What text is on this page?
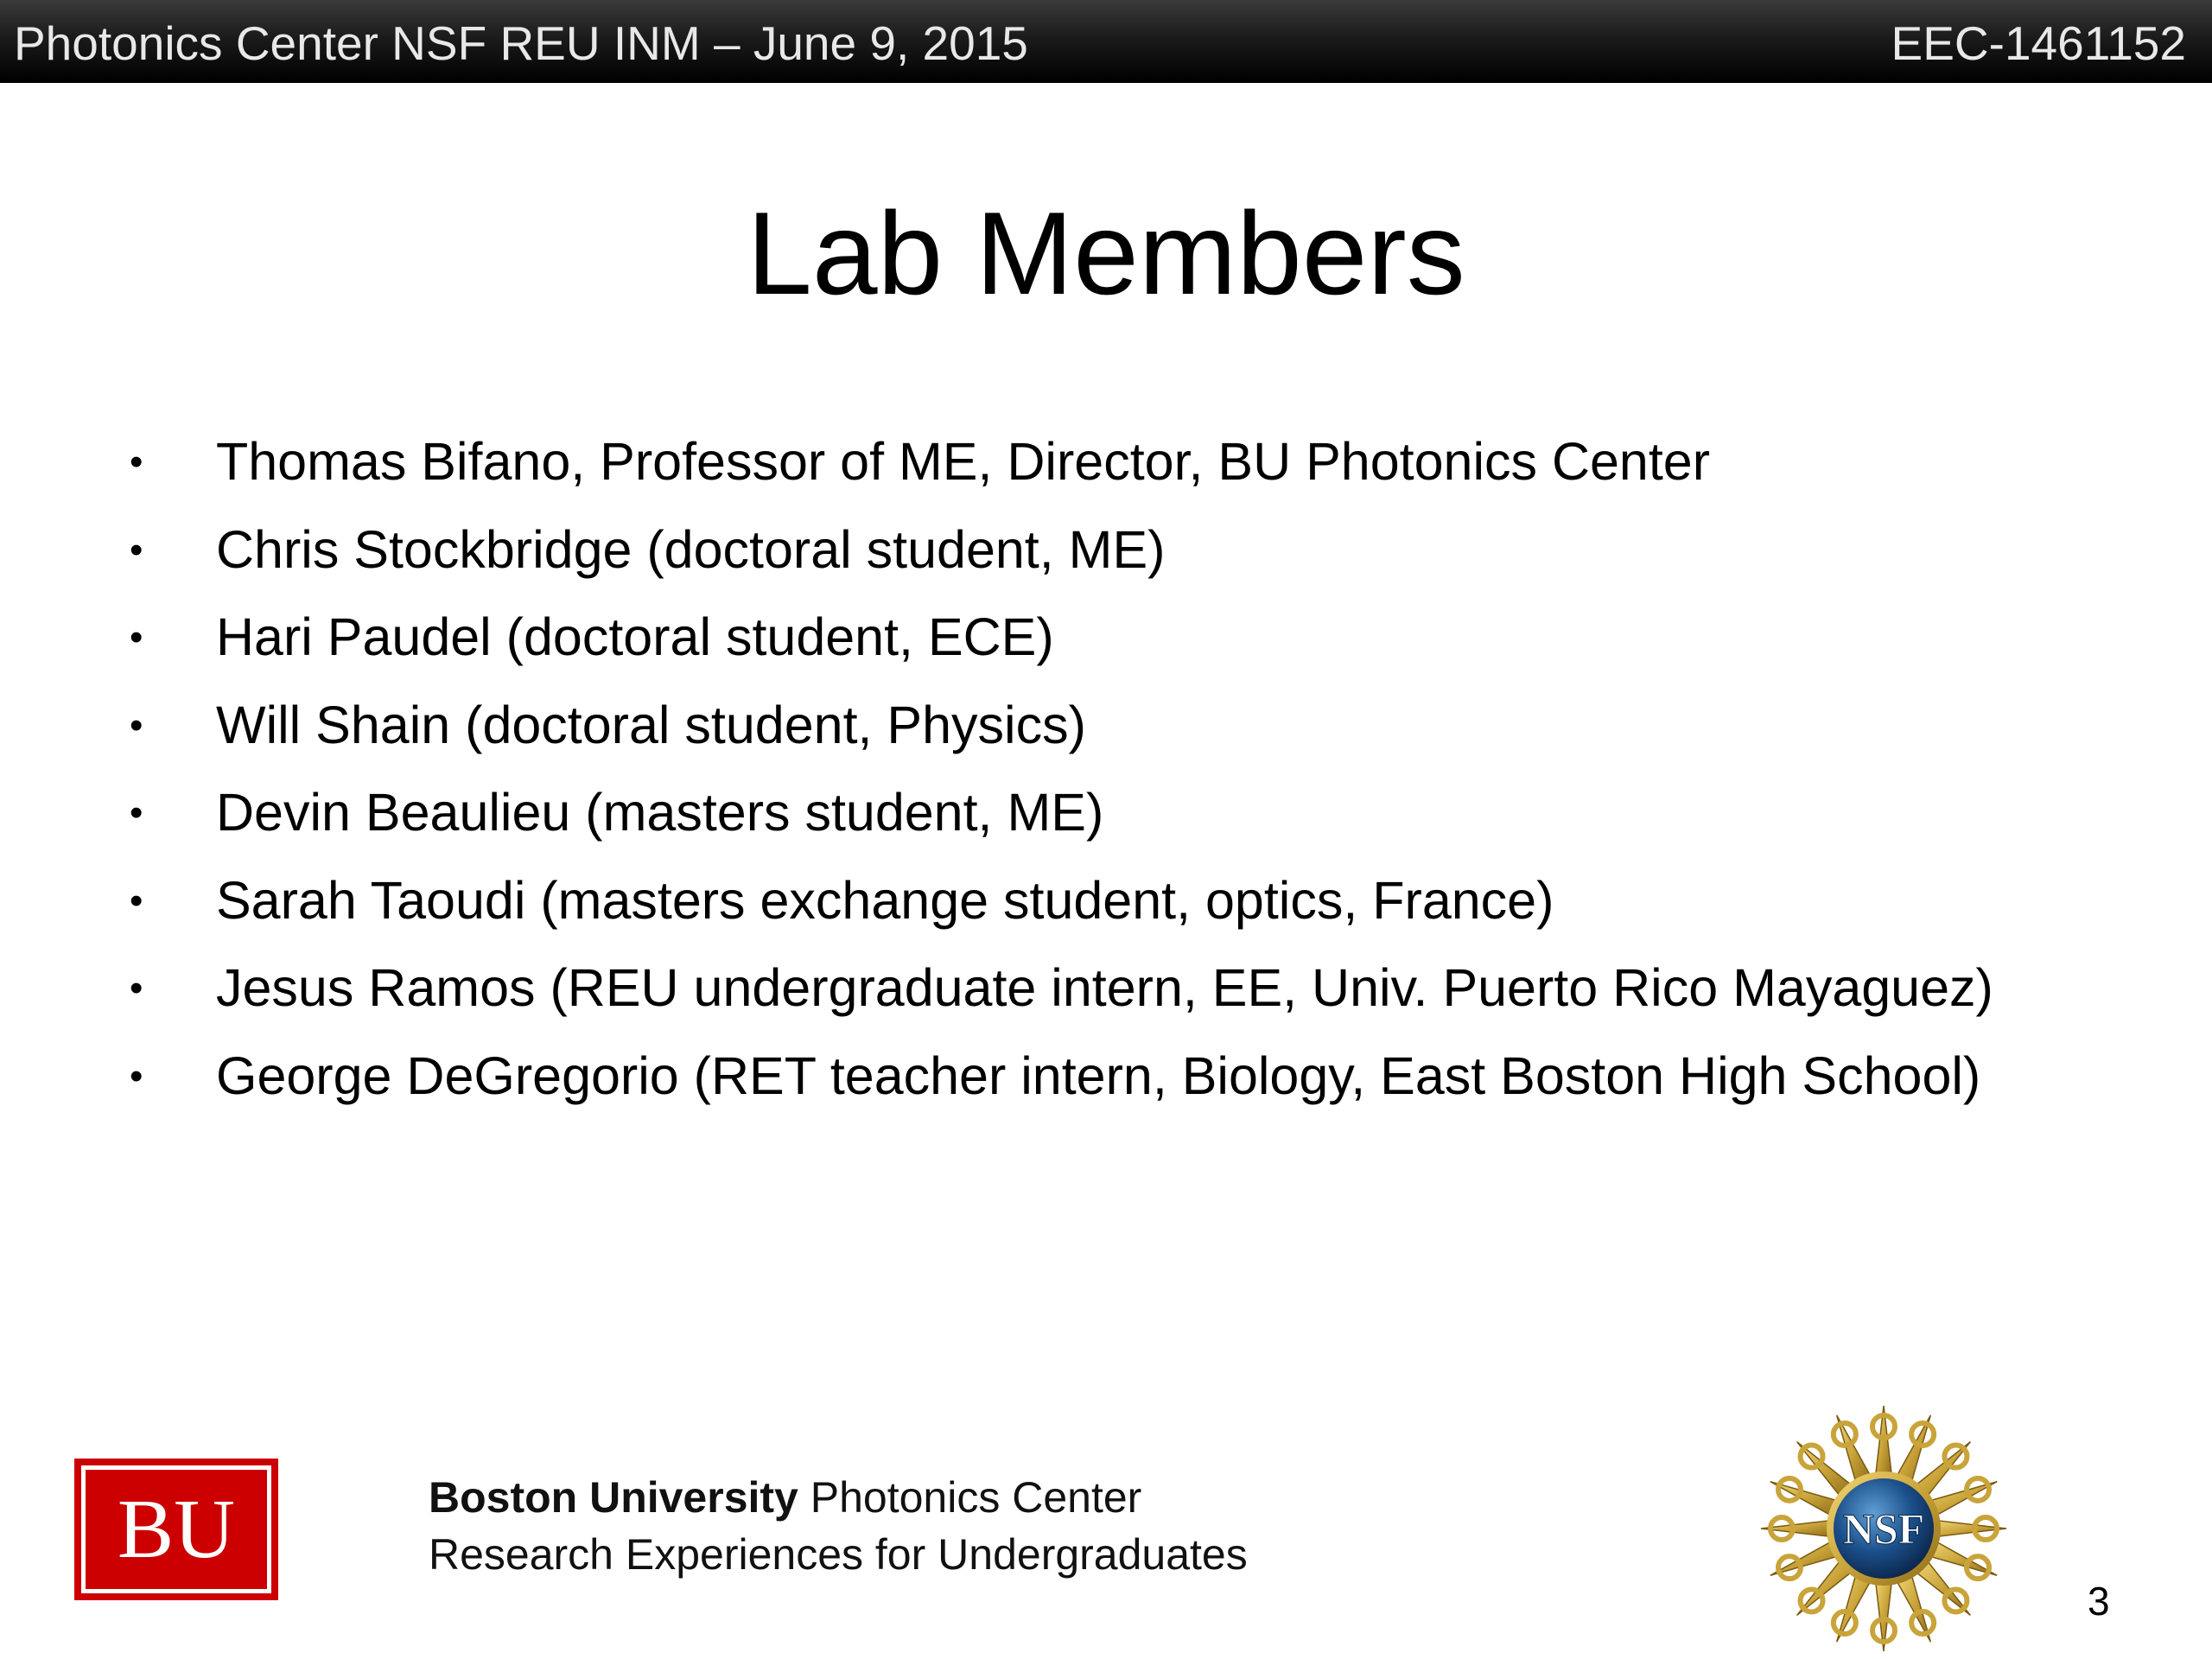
Photonics Center NSF REU INM – June 9, 2015	EEC-1461152
Lab Members
• Thomas Bifano, Professor of ME, Director, BU Photonics Center
• Chris Stockbridge (doctoral student, ME)
• Hari Paudel (doctoral student, ECE)
• Will Shain (doctoral student, Physics)
• Devin Beaulieu (masters student, ME)
• Sarah Taoudi (masters exchange student, optics, France)
• Jesus Ramos (REU undergraduate intern, EE, Univ. Puerto Rico Mayaguez)
• George DeGregorio (RET teacher intern, Biology, East Boston High School)
BU	Boston University Photonics Center
Research Experiences for Undergraduates
NSF
3
